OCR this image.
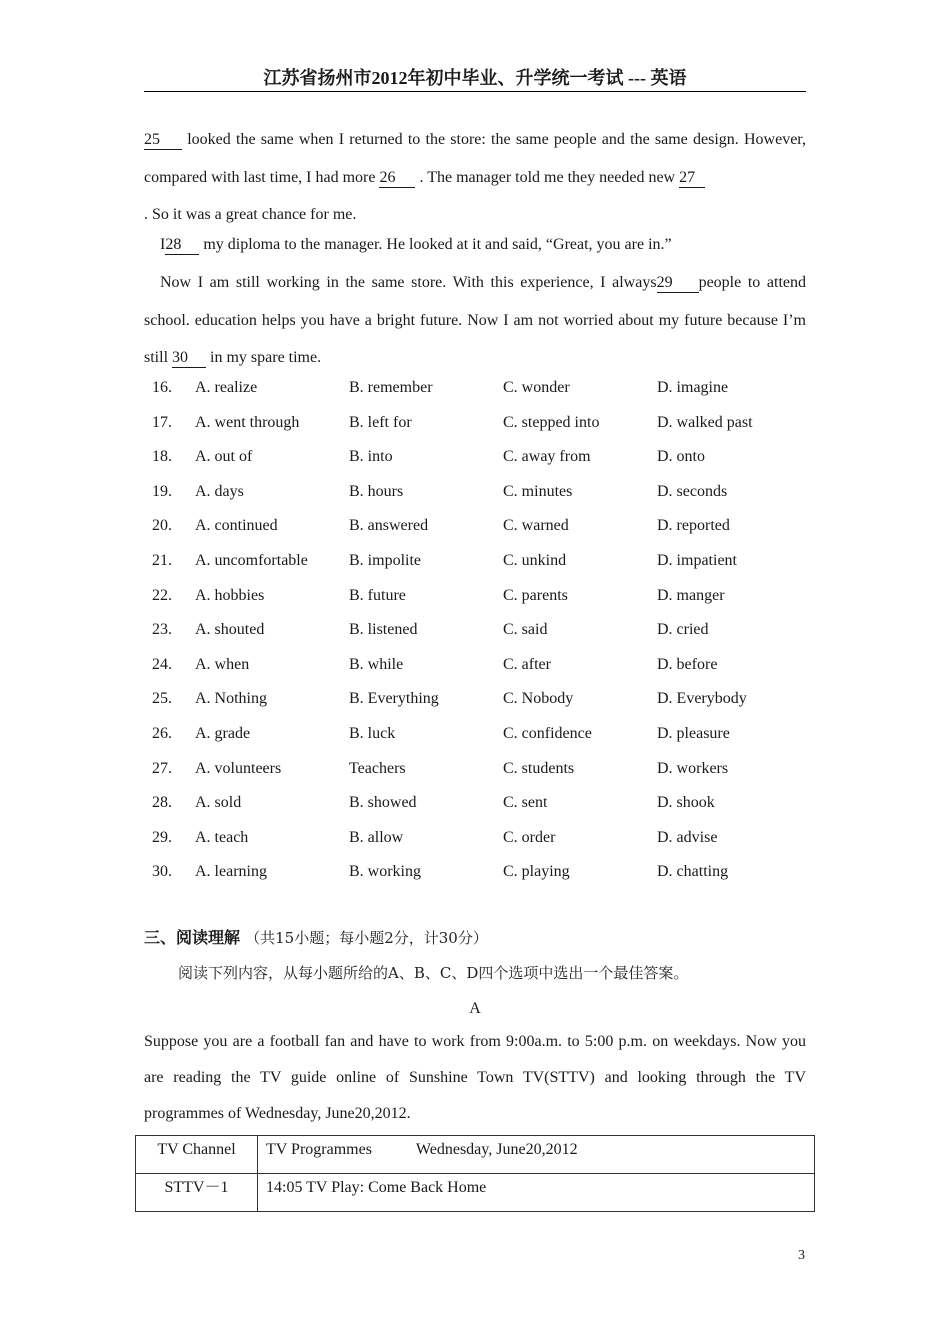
江苏省扬州市2012年初中毕业、升学统一考试 --- 英语
25 looked the same when I returned to the store: the same people and the same design. However, compared with last time, I had more 26 . The manager told me they needed new 27
. So it was a great chance for me.
I28 my diploma to the manager. He looked at it and said, “Great, you are in.”
Now I am still working in the same store. With this experience, I always29 people to attend school. education helps you have a bright future. Now I am not worried about my future because I’m still 30 in my spare time.
16. A. realize	B. remember	C. wonder	D. imagine
17. A. went through	B. left for	C. stepped into	D. walked past
18. A. out of	B. into	C. away from	D. onto
19. A. days	B. hours	C. minutes	D. seconds
20. A. continued	B. answered	C. warned	D. reported
21. A. uncomfortable	B. impolite	C. unkind	D. impatient
22. A. hobbies	B. future	C. parents	D. manger
23. A. shouted	B. listened	C. said	D. cried
24. A. when	B. while	C. after	D. before
25. A. Nothing	B. Everything	C. Nobody	D. Everybody
26. A. grade	B. luck	C. confidence	D. pleasure
27. A. volunteers	Teachers	C. students	D. workers
28. A. sold	B. showed	C. sent	D. shook
29. A. teach	B. allow	C. order	D. advise
30. A. learning	B. working	C. playing	D. chatting
三、阅读理解 （共15小题；每小题2分，计30分）
阅读下列内容，从每小题所给的A、B、C、D四个选项中选出一个最佳答案。
A
Suppose you are a football fan and have to work from 9:00a.m. to 5:00 p.m. on weekdays. Now you are reading the TV guide online of Sunshine Town TV(STTV) and looking through the TV programmes of Wednesday, June20,2012.
TV Channel	TV Programmes Wednesday, June20,2012
STTV－1	14:05 TV Play: Come Back Home
3
